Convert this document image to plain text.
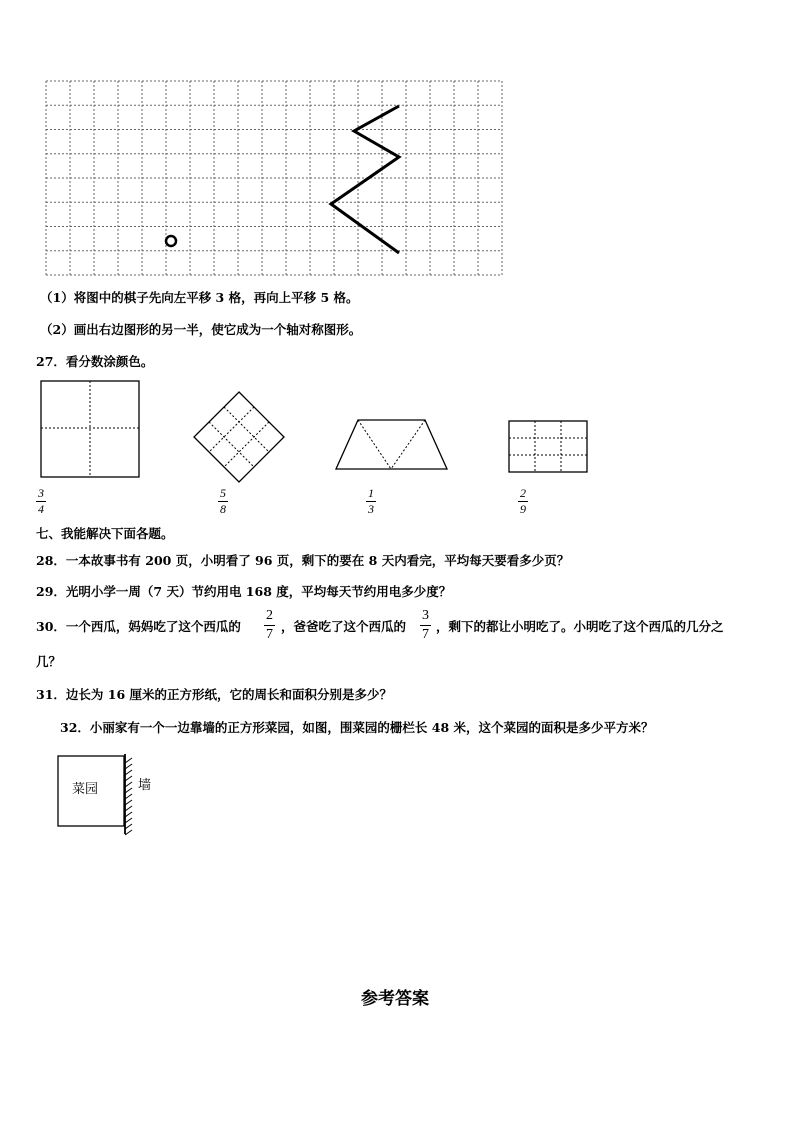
（1）将图中的棋子先向左平移 3 格，再向上平移 5 格。
（2）画出右边图形的另一半，使它成为一个轴对称图形。
27．看分数涂颜色。
3
4
5
8
1
3
2
9
七、我能解决下面各题。
28．一本故事书有 200 页，小明看了 96 页，剩下的要在 8 天内看完，平均每天要看多少页？
29．光明小学一周（7 天）节约用电 168 度，平均每天节约用电多少度？
30．一个西瓜，妈妈吃了这个西瓜的
2
7
，爸爸吃了这个西瓜的
3
7
，剩下的都让小明吃了。小明吃了这个西瓜的几分之
几？
31．边长为 16 厘米的正方形纸，它的周长和面积分别是多少？
32．小丽家有一个一边靠墙的正方形菜园，如图，围菜园的栅栏长 48 米，这个菜园的面积是多少平方米？
菜园	墙
参考答案
